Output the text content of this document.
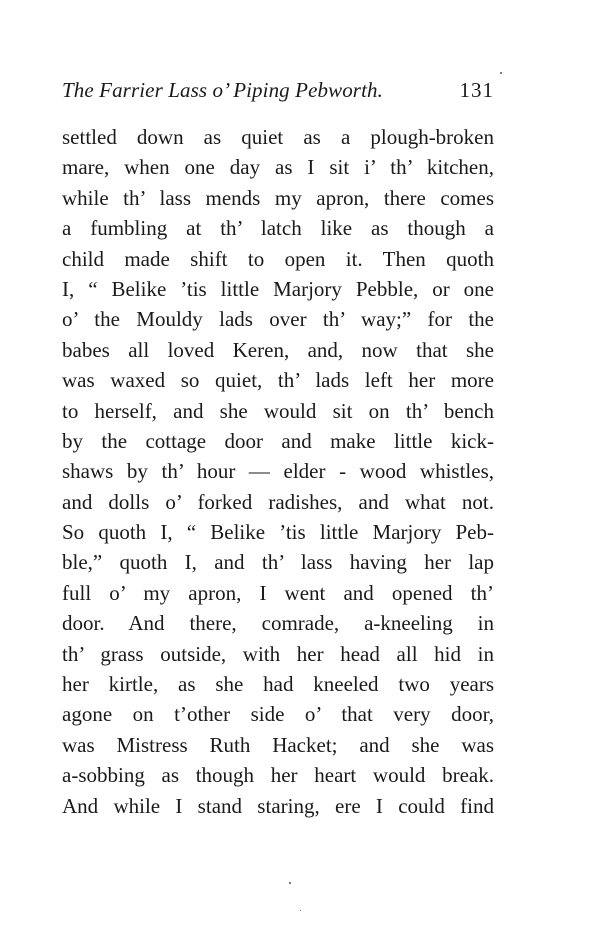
The Farrier Lass o’ Piping Pebworth.	131
settled down as quiet as a plough-broken
mare, when one day as I sit i’ th’ kitchen,
while th’ lass mends my apron, there comes
a fumbling at th’ latch like as though a
child made shift to open it. Then quoth
I, “ Belike ’tis little Marjory Pebble, or one
o’ the Mouldy lads over th’ way;” for the
babes all loved Keren, and, now that she
was waxed so quiet, th’ lads left her more
to herself, and she would sit on th’ bench
by the cottage door and make little kick-
shaws by th’ hour — elder - wood whistles,
and dolls o’ forked radishes, and what not.
So quoth I, “ Belike ’tis little Marjory Peb-
ble,” quoth I, and th’ lass having her lap
full o’ my apron, I went and opened th’
door. And there, comrade, a-kneeling in
th’ grass outside, with her head all hid in
her kirtle, as she had kneeled two years
agone on t’other side o’ that very door,
was Mistress Ruth Hacket; and she was
a-sobbing as though her heart would break.
And while I stand staring, ere I could find
